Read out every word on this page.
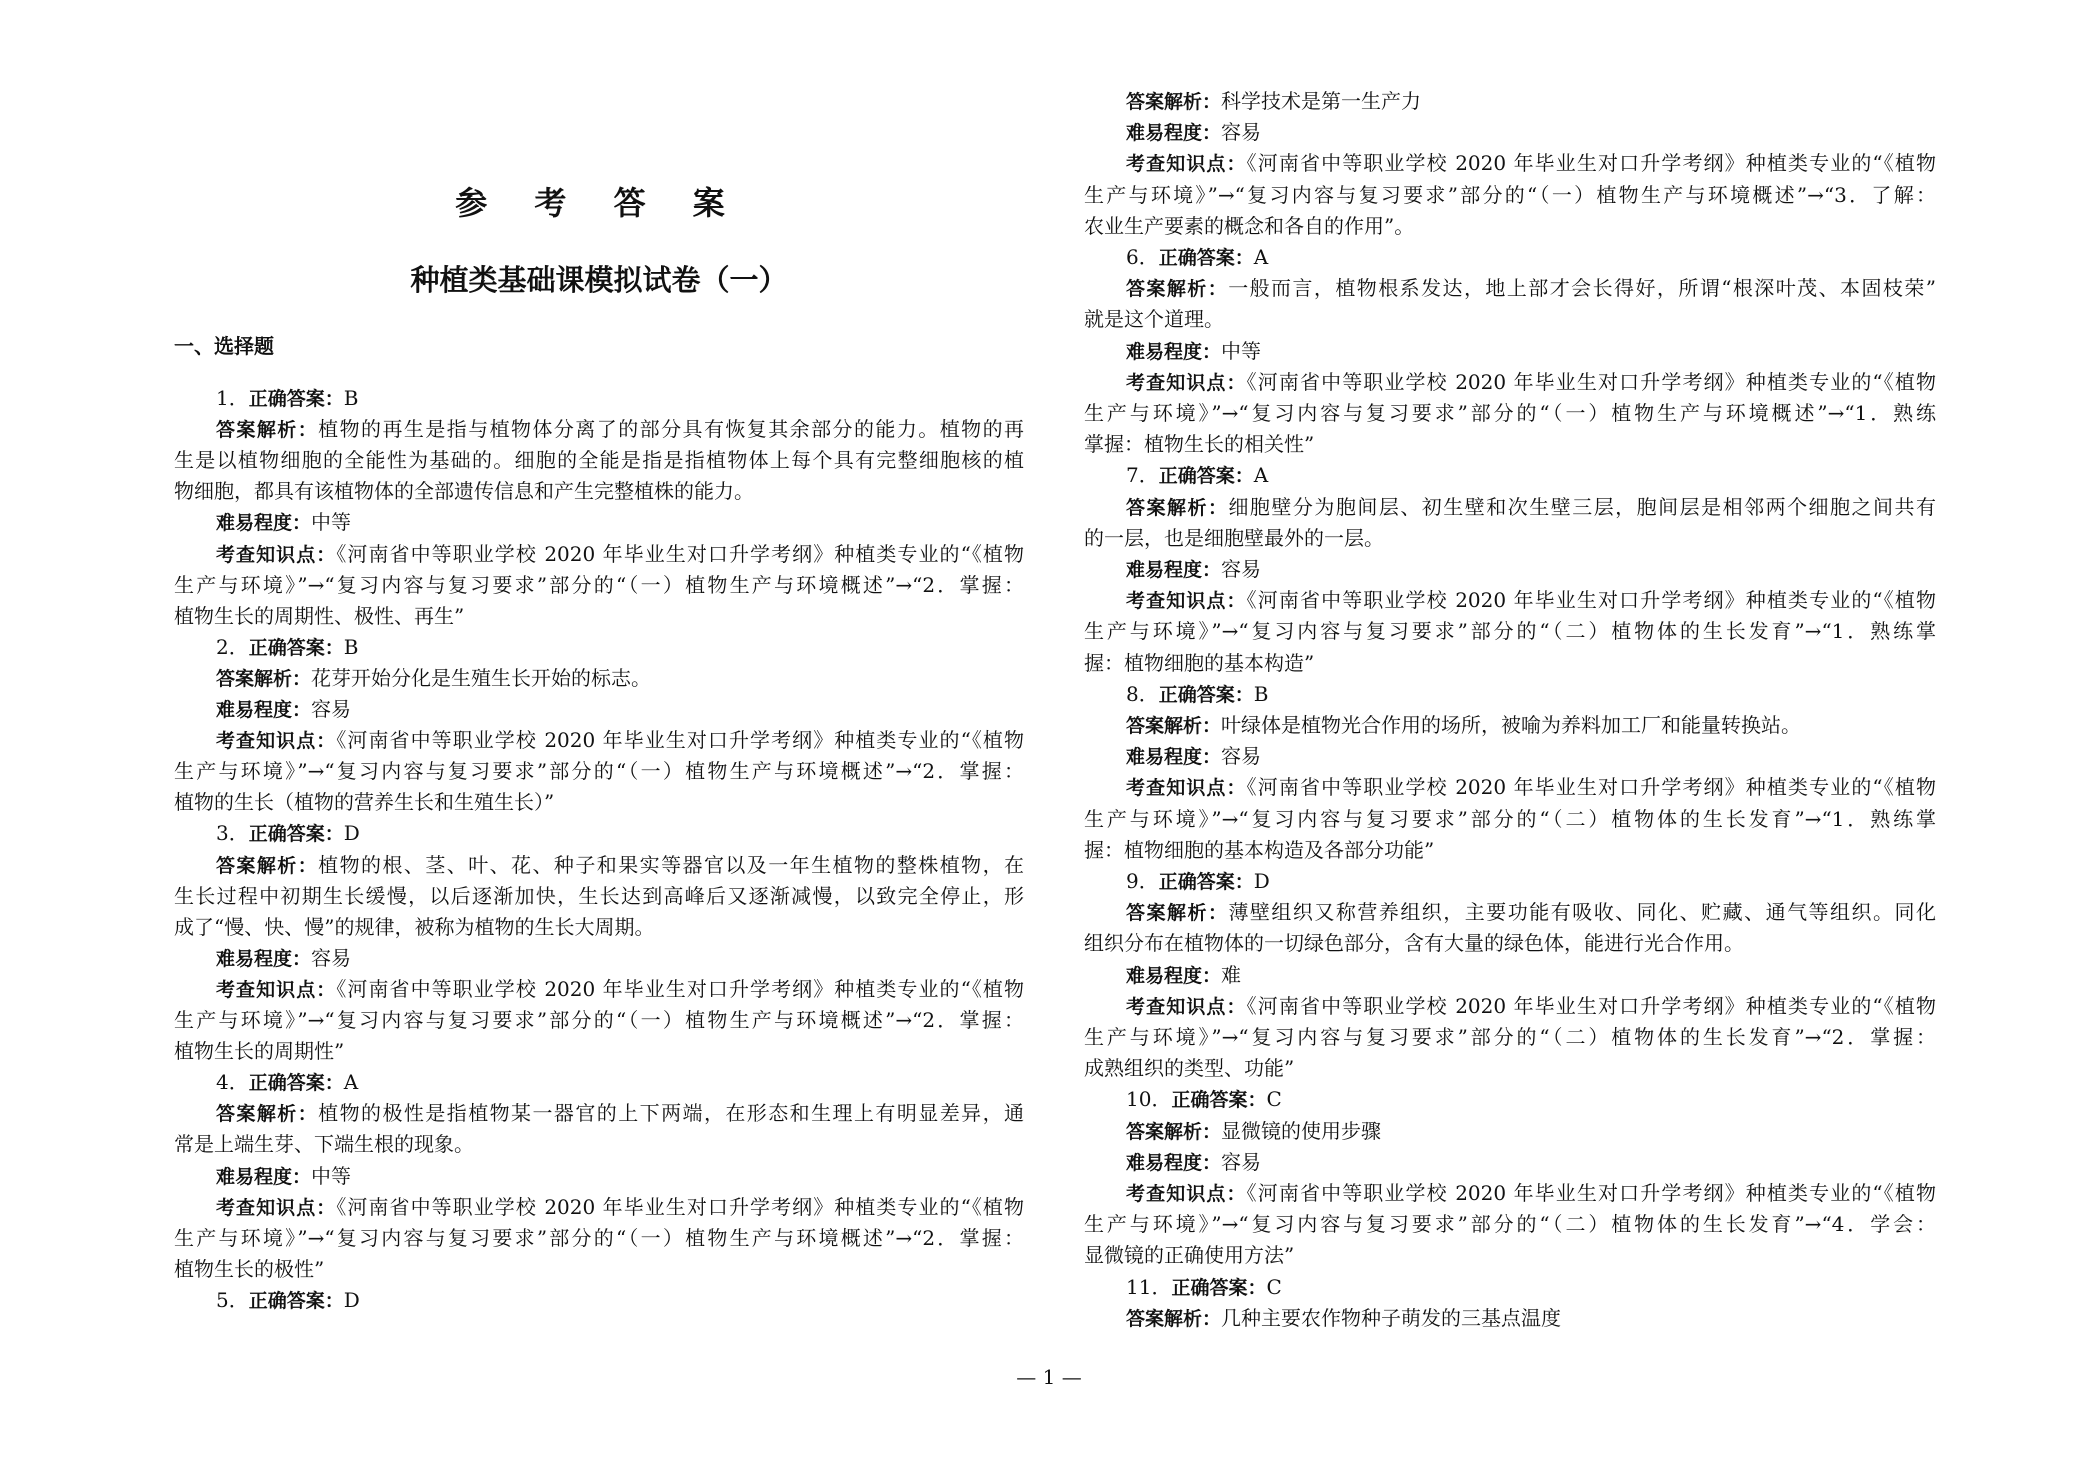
参 考 答 案
种植类基础课模拟试卷（一）
一、选择题
1．正确答案：B
答案解析：植物的再生是指与植物体分离了的部分具有恢复其余部分的能力。植物的再
生是以植物细胞的全能性为基础的。细胞的全能是指是指植物体上每个具有完整细胞核的植
物细胞，都具有该植物体的全部遗传信息和产生完整植株的能力。
难易程度：中等
考查知识点：《河南省中等职业学校 2020 年毕业生对口升学考纲》种植类专业的“《植物
生产与环境》”→“复习内容与复习要求”部分的“（一）植物生产与环境概述”→“2．掌握：
植物生长的周期性、极性、再生”
2．正确答案：B
答案解析：花芽开始分化是生殖生长开始的标志。
难易程度：容易
考查知识点：《河南省中等职业学校 2020 年毕业生对口升学考纲》种植类专业的“《植物
生产与环境》”→“复习内容与复习要求”部分的“（一）植物生产与环境概述”→“2．掌握：
植物的生长（植物的营养生长和生殖生长）”
3．正确答案：D
答案解析：植物的根、茎、叶、花、种子和果实等器官以及一年生植物的整株植物，在
生长过程中初期生长缓慢，以后逐渐加快，生长达到高峰后又逐渐减慢，以致完全停止，形
成了“慢、快、慢”的规律，被称为植物的生长大周期。
难易程度：容易
考查知识点：《河南省中等职业学校 2020 年毕业生对口升学考纲》种植类专业的“《植物
生产与环境》”→“复习内容与复习要求”部分的“（一）植物生产与环境概述”→“2．掌握：
植物生长的周期性”
4．正确答案：A
答案解析：植物的极性是指植物某一器官的上下两端，在形态和生理上有明显差异，通
常是上端生芽、下端生根的现象。
难易程度：中等
考查知识点：《河南省中等职业学校 2020 年毕业生对口升学考纲》种植类专业的“《植物
生产与环境》”→“复习内容与复习要求”部分的“（一）植物生产与环境概述”→“2．掌握：
植物生长的极性”
5．正确答案：D
答案解析：科学技术是第一生产力
难易程度：容易
考查知识点：《河南省中等职业学校 2020 年毕业生对口升学考纲》种植类专业的“《植物
生产与环境》”→“复习内容与复习要求”部分的“（一）植物生产与环境概述”→“3．了解：
农业生产要素的概念和各自的作用”。
6．正确答案：A
答案解析：一般而言，植物根系发达，地上部才会长得好，所谓“根深叶茂、本固枝荣”
就是这个道理。
难易程度：中等
考查知识点：《河南省中等职业学校 2020 年毕业生对口升学考纲》种植类专业的“《植物
生产与环境》”→“复习内容与复习要求”部分的“（一）植物生产与环境概述”→“1．熟练
掌握：植物生长的相关性”
7．正确答案：A
答案解析：细胞壁分为胞间层、初生壁和次生壁三层，胞间层是相邻两个细胞之间共有
的一层，也是细胞壁最外的一层。
难易程度：容易
考查知识点：《河南省中等职业学校 2020 年毕业生对口升学考纲》种植类专业的“《植物
生产与环境》”→“复习内容与复习要求”部分的“（二）植物体的生长发育”→“1．熟练掌
握：植物细胞的基本构造”
8．正确答案：B
答案解析：叶绿体是植物光合作用的场所，被喻为养料加工厂和能量转换站。
难易程度：容易
考查知识点：《河南省中等职业学校 2020 年毕业生对口升学考纲》种植类专业的“《植物
生产与环境》”→“复习内容与复习要求”部分的“（二）植物体的生长发育”→“1．熟练掌
握：植物细胞的基本构造及各部分功能”
9．正确答案：D
答案解析：薄壁组织又称营养组织，主要功能有吸收、同化、贮藏、通气等组织。同化
组织分布在植物体的一切绿色部分，含有大量的绿色体，能进行光合作用。
难易程度：难
考查知识点：《河南省中等职业学校 2020 年毕业生对口升学考纲》种植类专业的“《植物
生产与环境》”→“复习内容与复习要求”部分的“（二）植物体的生长发育”→“2．掌握：
成熟组织的类型、功能”
10．正确答案：C
答案解析：显微镜的使用步骤
难易程度：容易
考查知识点：《河南省中等职业学校 2020 年毕业生对口升学考纲》种植类专业的“《植物
生产与环境》”→“复习内容与复习要求”部分的“（二）植物体的生长发育”→“4．学会：
显微镜的正确使用方法”
11．正确答案：C
答案解析：几种主要农作物种子萌发的三基点温度
— 1 —
